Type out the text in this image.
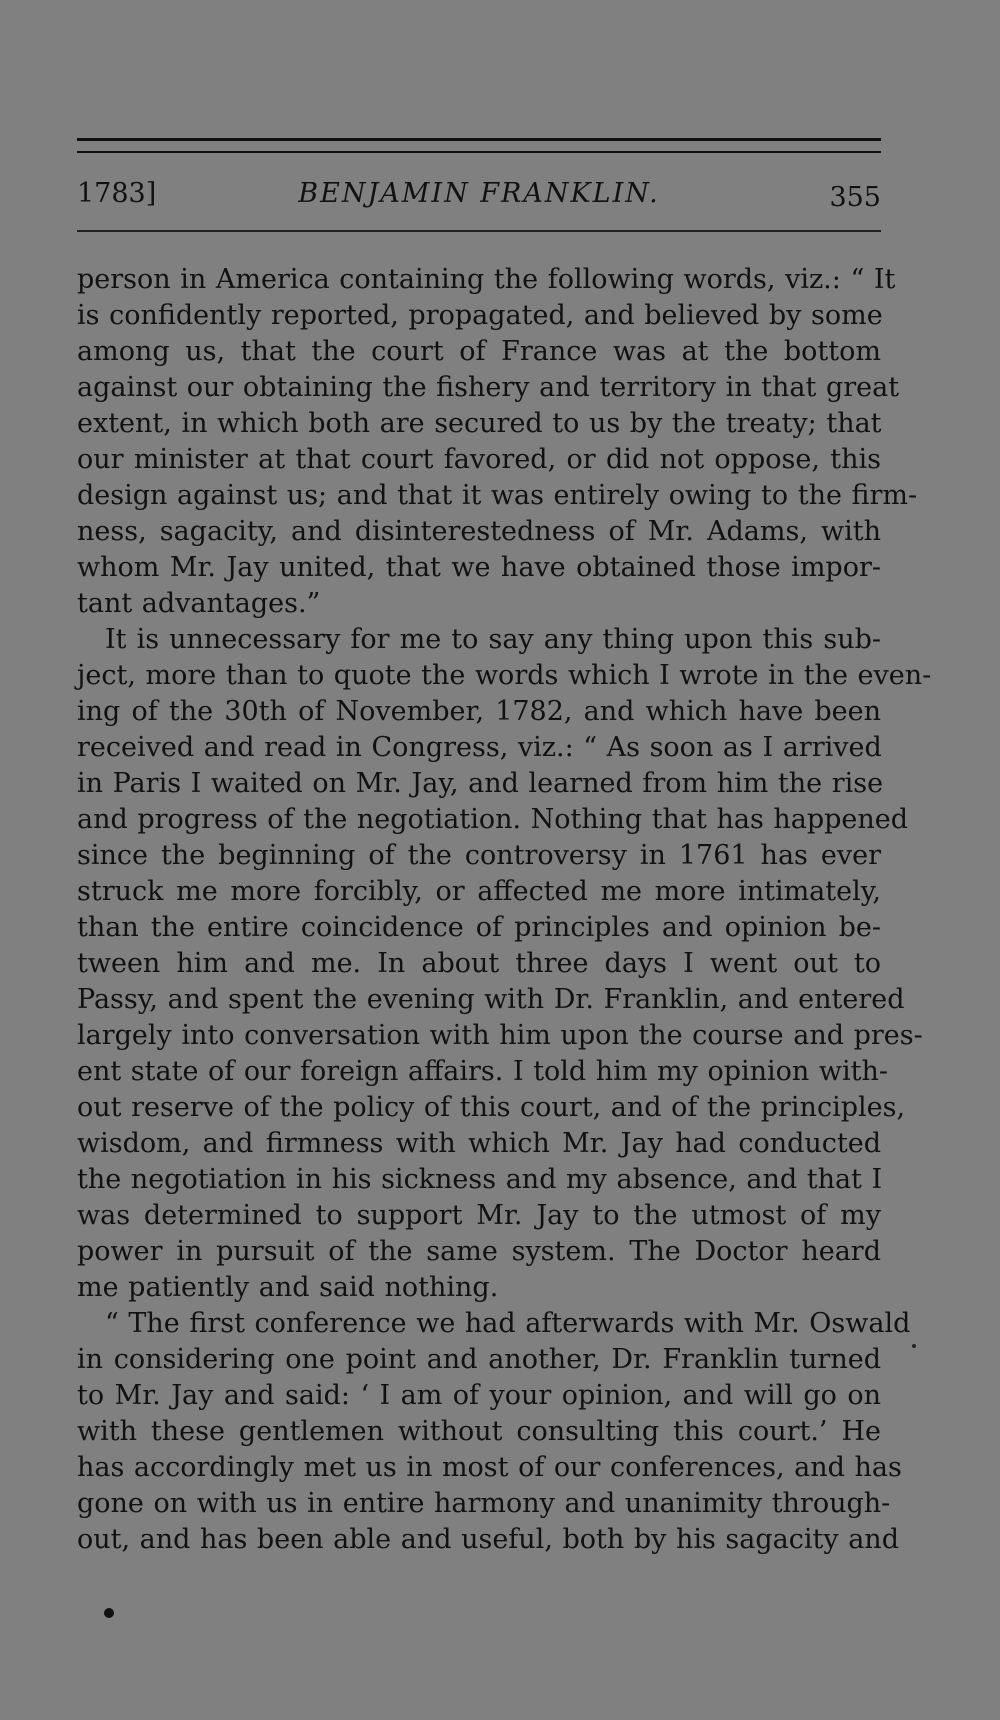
1783]	BENJAMIN FRANKLIN.	355
person in America containing the following words, viz.: “ It
is confidently reported, propagated, and believed by some
among us, that the court of France was at the bottom
against our obtaining the fishery and territory in that great
extent, in which both are secured to us by the treaty; that
our minister at that court favored, or did not oppose, this
design against us; and that it was entirely owing to the firm-
ness, sagacity, and disinterestedness of Mr. Adams, with
whom Mr. Jay united, that we have obtained those impor-
tant advantages.”
It is unnecessary for me to say any thing upon this sub-
ject, more than to quote the words which I wrote in the even-
ing of the 30th of November, 1782, and which have been
received and read in Congress, viz.: “ As soon as I arrived
in Paris I waited on Mr. Jay, and learned from him the rise
and progress of the negotiation. Nothing that has happened
since the beginning of the controversy in 1761 has ever
struck me more forcibly, or affected me more intimately,
than the entire coincidence of principles and opinion be-
tween him and me. In about three days I went out to
Passy, and spent the evening with Dr. Franklin, and entered
largely into conversation with him upon the course and pres-
ent state of our foreign affairs. I told him my opinion with-
out reserve of the policy of this court, and of the principles,
wisdom, and firmness with which Mr. Jay had conducted
the negotiation in his sickness and my absence, and that I
was determined to support Mr. Jay to the utmost of my
power in pursuit of the same system. The Doctor heard
me patiently and said nothing.
“ The first conference we had afterwards with Mr. Oswald
in considering one point and another, Dr. Franklin turned
to Mr. Jay and said: ‘ I am of your opinion, and will go on
with these gentlemen without consulting this court.’ He
has accordingly met us in most of our conferences, and has
gone on with us in entire harmony and unanimity through-
out, and has been able and useful, both by his sagacity and
